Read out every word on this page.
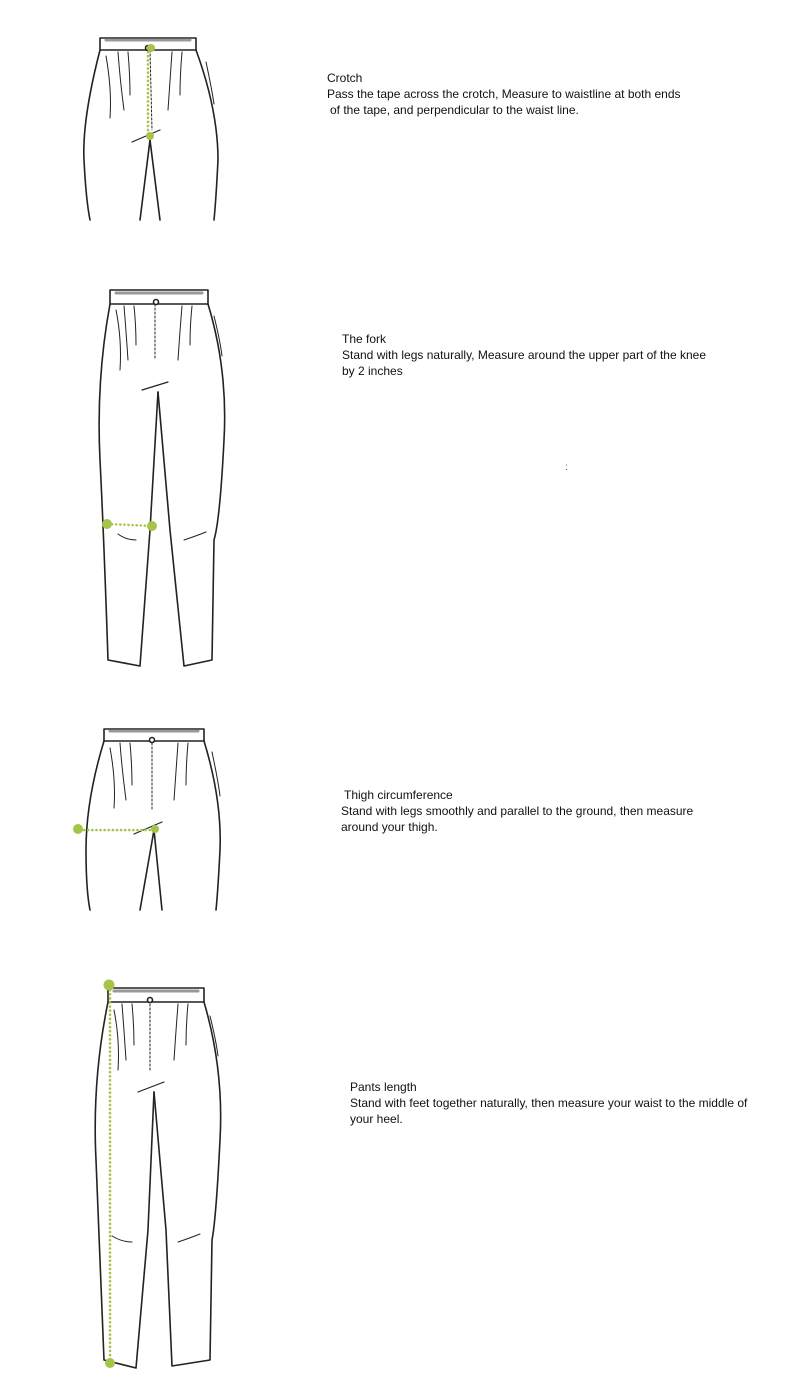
Crotch

Pass the tape across the crotch, Measure to waistline at both ends

of the tape, and perpendicular to the waist line.

The fork

Stand with legs naturally, Measure around the upper part of the knee

by 2 inches

:

Thigh circumference

Stand with legs smoothly and parallel to the ground, then measure

around your thigh.

Pants length

Stand with feet together naturally, then measure your waist to the middle of

your heel.
